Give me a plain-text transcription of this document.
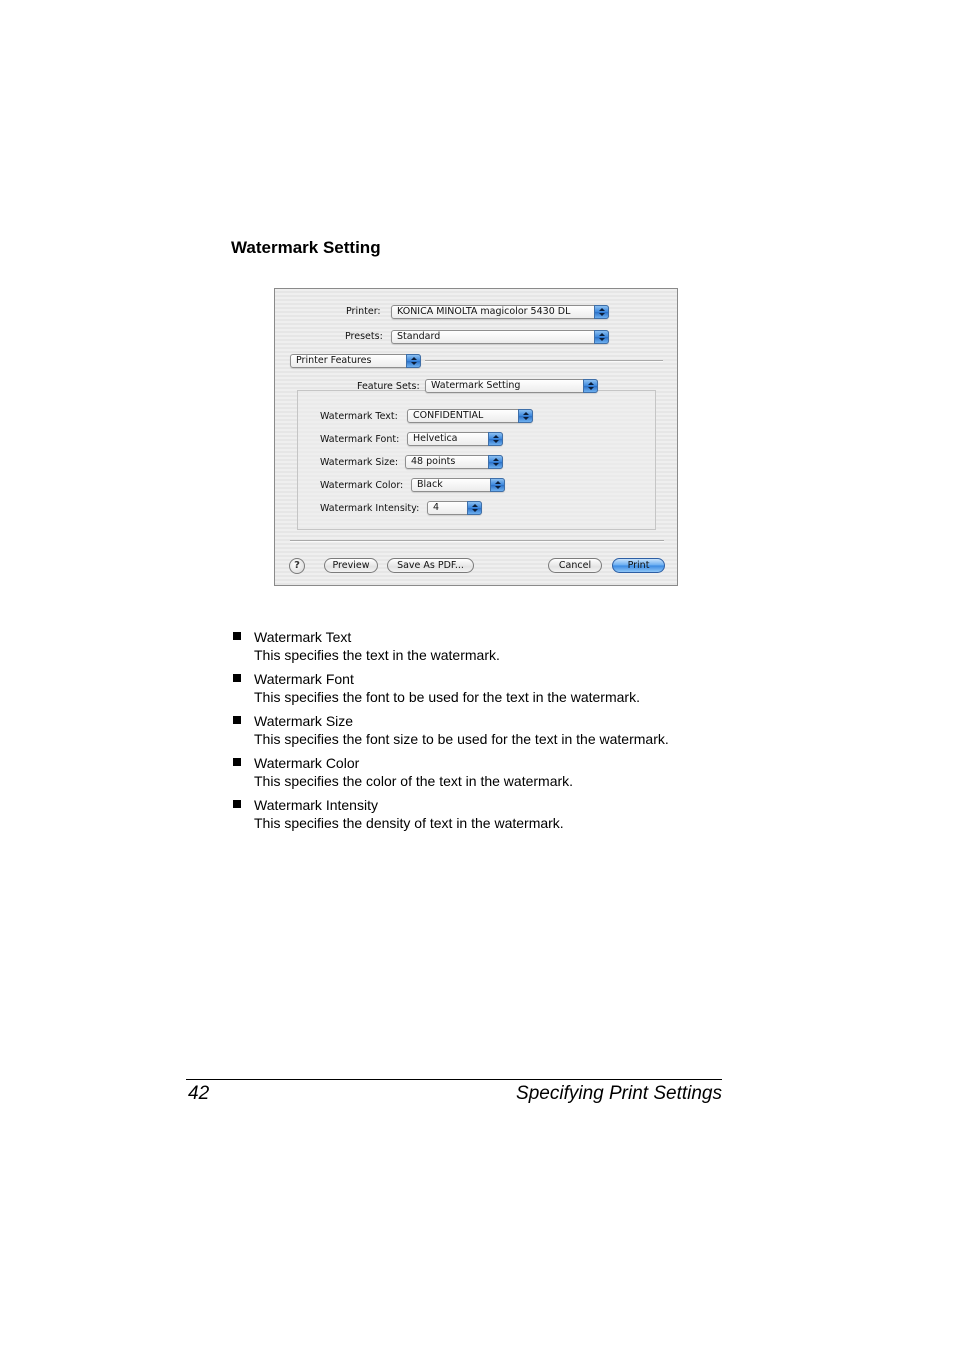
Watermark Setting
Printer: KONICA MINOLTA magicolor 5430 DL
Presets: Standard
Printer Features
Feature Sets: Watermark Setting
Watermark Text: CONFIDENTIAL
Watermark Font: Helvetica
Watermark Size: 48 points
Watermark Color: Black
Watermark Intensity: 4
?	Preview	Save As PDF...	Cancel	Print
Watermark Text
This specifies the text in the watermark.
Watermark Font
This specifies the font to be used for the text in the watermark.
Watermark Size
This specifies the font size to be used for the text in the watermark.
Watermark Color
This specifies the color of the text in the watermark.
Watermark Intensity
This specifies the density of text in the watermark.
42	Specifying Print Settings
